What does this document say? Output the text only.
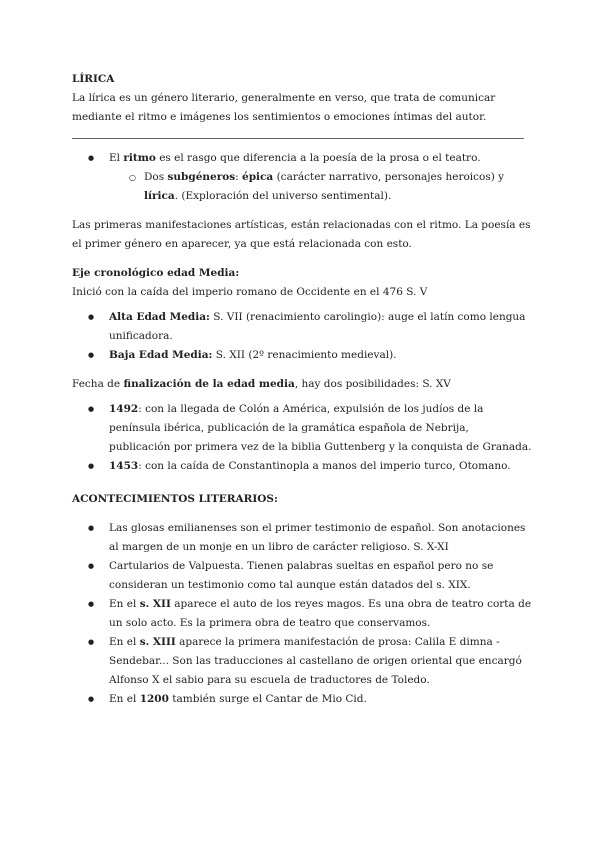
LÍRICA

La lírica es un género literario, generalmente en verso, que trata de comunicar mediante el ritmo e imágenes los sentimientos o emociones íntimas del autor.

● El ritmo es el rasgo que diferencia a la poesía de la prosa o el teatro.
○ Dos subgéneros: épica (carácter narrativo, personajes heroicos) y lírica. (Exploración del universo sentimental).

Las primeras manifestaciones artísticas, están relacionadas con el ritmo. La poesía es el primer género en aparecer, ya que está relacionada con esto.

Eje cronológico edad Media:

Inició con la caída del imperio romano de Occidente en el 476 S. V

● Alta Edad Media: S. VII (renacimiento carolingio): auge el latín como lengua unificadora.
● Baja Edad Media: S. XII (2º renacimiento medieval).

Fecha de finalización de la edad media, hay dos posibilidades: S. XV

● 1492: con la llegada de Colón a América, expulsión de los judíos de la península ibérica, publicación de la gramática española de Nebrija, publicación por primera vez de la biblia Guttenberg y la conquista de Granada.
● 1453: con la caída de Constantinopla a manos del imperio turco, Otomano.

ACONTECIMIENTOS LITERARIOS:

● Las glosas emilianenses son el primer testimonio de español. Son anotaciones al margen de un monje en un libro de carácter religioso. S. X-XI
● Cartularios de Valpuesta. Tienen palabras sueltas en español pero no se consideran un testimonio como tal aunque están datados del s. XIX.
● En el s. XII aparece el auto de los reyes magos. Es una obra de teatro corta de un solo acto. Es la primera obra de teatro que conservamos.
● En el s. XIII aparece la primera manifestación de prosa: Calila E dimna - Sendebar... Son las traducciones al castellano de origen oriental que encargó Alfonso X el sabio para su escuela de traductores de Toledo.
● En el 1200 también surge el Cantar de Mio Cid.
